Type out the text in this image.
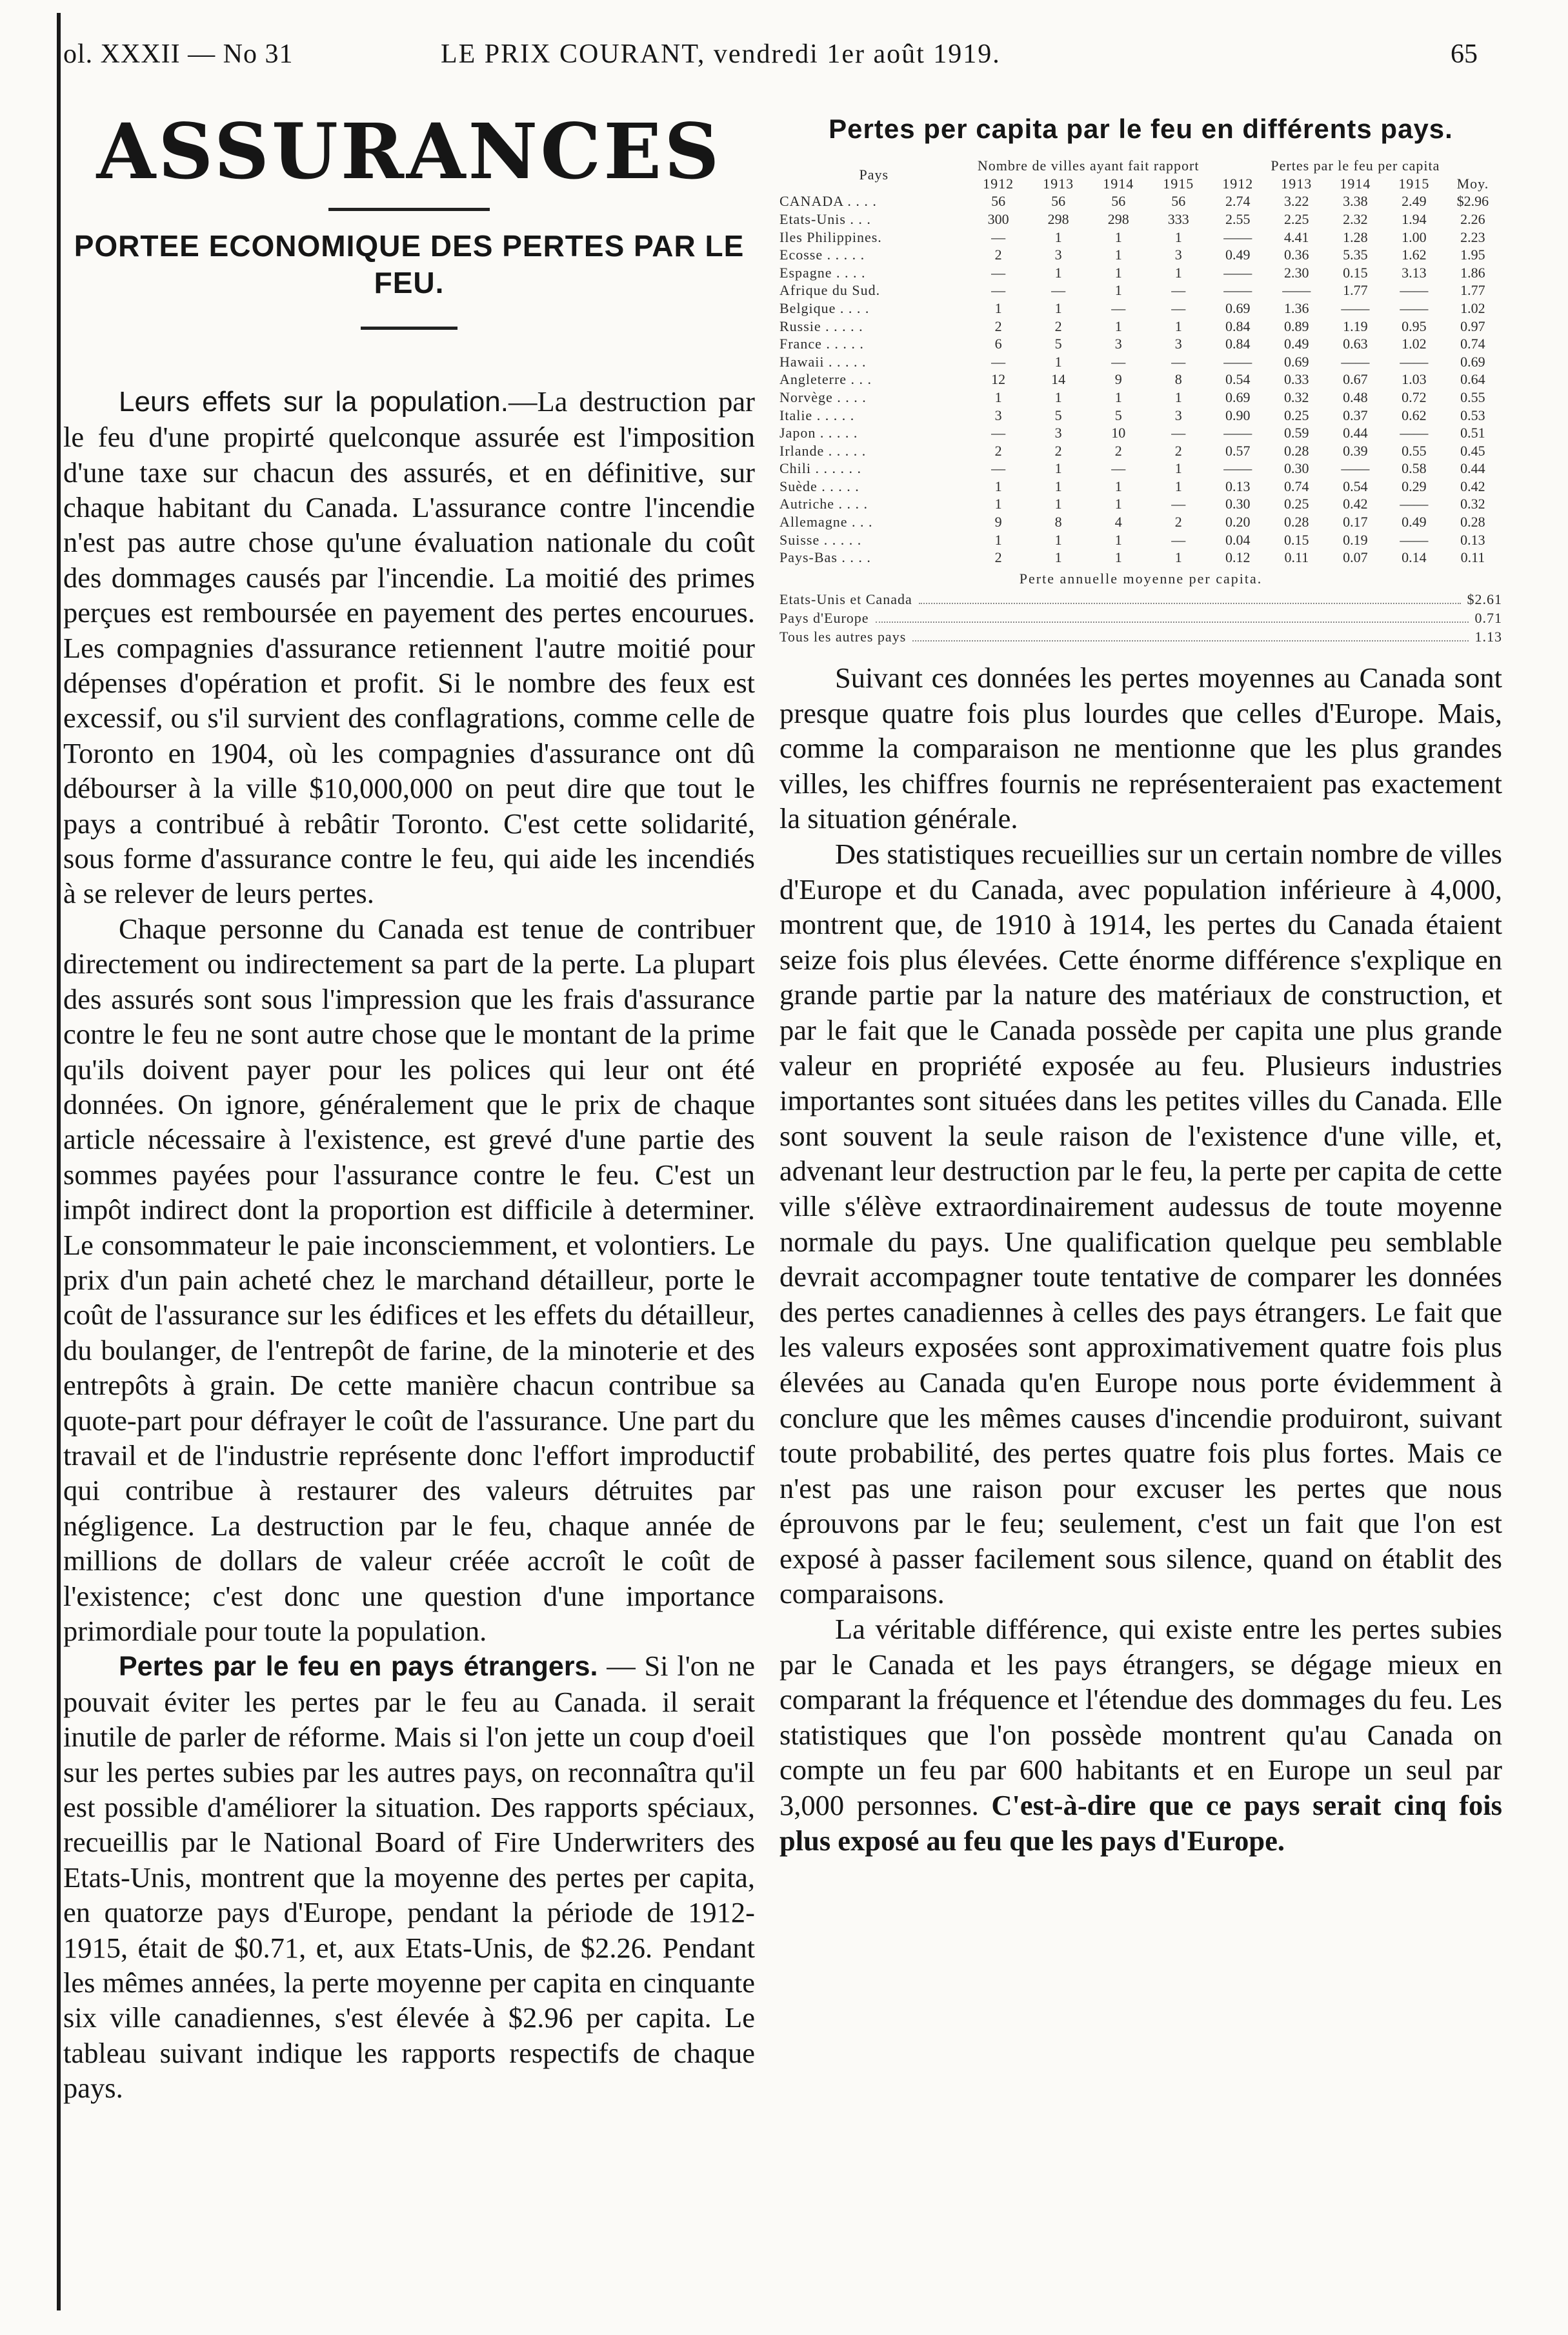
ol. XXXII — No 31	LE PRIX COURANT, vendredi 1er août 1919.	65
ASSURANCES
PORTEE ECONOMIQUE DES PERTES PAR LE FEU.

Leurs effets sur la population.—La destruction par le feu d'une propirté quelconque assurée est l'imposition d'une taxe sur chacun des assurés, et en définitive, sur chaque habitant du Canada. L'assurance contre l'incendie n'est pas autre chose qu'une évaluation nationale du coût des dommages causés par l'incendie. La moitié des primes perçues est remboursée en payement des pertes encourues. Les compagnies d'assurance retiennent l'autre moitié pour dépenses d'opération et profit. Si le nombre des feux est excessif, ou s'il survient des conflagrations, comme celle de Toronto en 1904, où les compagnies d'assurance ont dû débourser à la ville $10,000,000 on peut dire que tout le pays a contribué à rebâtir Toronto. C'est cette solidarité, sous forme d'assurance contre le feu, qui aide les incendiés à se relever de leurs pertes.

Chaque personne du Canada est tenue de contribuer directement ou indirectement sa part de la perte. La plupart des assurés sont sous l'impression que les frais d'assurance contre le feu ne sont autre chose que le montant de la prime qu'ils doivent payer pour les polices qui leur ont été données. On ignore, généralement que le prix de chaque article nécessaire à l'existence, est grevé d'une partie des sommes payées pour l'assurance contre le feu. C'est un impôt indirect dont la proportion est difficile à determiner. Le consommateur le paie inconsciemment, et volontiers. Le prix d'un pain acheté chez le marchand détailleur, porte le coût de l'assurance sur les édifices et les effets du détailleur, du boulanger, de l'entrepôt de farine, de la minoterie et des entrepôts à grain. De cette manière chacun contribue sa quote-part pour défrayer le coût de l'assurance. Une part du travail et de l'industrie représente donc l'effort improductif qui contribue à restaurer des valeurs détruites par négligence. La destruction par le feu, chaque année de millions de dollars de valeur créée accroît le coût de l'existence; c'est donc une question d'une importance primordiale pour toute la population.

Pertes par le feu en pays étrangers. — Si l'on ne pouvait éviter les pertes par le feu au Canada. il serait inutile de parler de réforme. Mais si l'on jette un coup d'oeil sur les pertes subies par les autres pays, on reconnaîtra qu'il est possible d'améliorer la situation. Des rapports spéciaux, recueillis par le National Board of Fire Underwriters des Etats-Unis, montrent que la moyenne des pertes per capita, en quatorze pays d'Europe, pendant la période de 1912-1915, était de $0.71, et, aux Etats-Unis, de $2.26. Pendant les mêmes années, la perte moyenne per capita en cinquante six ville canadiennes, s'est élevée à $2.96 per capita. Le tableau suivant indique les rapports respectifs de chaque pays.

Pertes per capita par le feu en différents pays.
Pays	Nombre de villes ayant fait rapport				Pertes par le feu per capita				
	1912	1913	1914	1915	1912	1913	1914	1915	Moy.
CANADA . . . .	56	56	56	56	2.74	3.22	3.38	2.49	$2.96
Etats-Unis . . .	300	298	298	333	2.55	2.25	2.32	1.94	2.26
Iles Philippines.	—	1	1	1	——	4.41	1.28	1.00	2.23
Ecosse . . . . .	2	3	1	3	0.49	0.36	5.35	1.62	1.95
Espagne . . . .	—	1	1	1	——	2.30	0.15	3.13	1.86
Afrique du Sud.	—	—	1	—	——	——	1.77	——	1.77
Belgique . . . .	1	1	—	—	0.69	1.36	——	——	1.02
Russie . . . . .	2	2	1	1	0.84	0.89	1.19	0.95	0.97
France . . . . .	6	5	3	3	0.84	0.49	0.63	1.02	0.74
Hawaii . . . . .	—	1	—	—	——	0.69	——	——	0.69
Angleterre . . .	12	14	9	8	0.54	0.33	0.67	1.03	0.64
Norvège . . . .	1	1	1	1	0.69	0.32	0.48	0.72	0.55
Italie . . . . .	3	5	5	3	0.90	0.25	0.37	0.62	0.53
Japon . . . . .	—	3	10	—	——	0.59	0.44	——	0.51
Irlande . . . . .	2	2	2	2	0.57	0.28	0.39	0.55	0.45
Chili . . . . . .	—	1	—	1	——	0.30	——	0.58	0.44
Suède . . . . .	1	1	1	1	0.13	0.74	0.54	0.29	0.42
Autriche . . . .	1	1	1	—	0.30	0.25	0.42	——	0.32
Allemagne . . .	9	8	4	2	0.20	0.28	0.17	0.49	0.28
Suisse . . . . .	1	1	1	—	0.04	0.15	0.19	——	0.13
Pays-Bas . . . .	2	1	1	1	0.12	0.11	0.07	0.14	0.11
Perte annuelle moyenne per capita.
Etats-Unis et Canada	$2.61
Pays d'Europe	0.71
Tous les autres pays	1.13

Suivant ces données les pertes moyennes au Canada sont presque quatre fois plus lourdes que celles d'Europe. Mais, comme la comparaison ne mentionne que les plus grandes villes, les chiffres fournis ne représenteraient pas exactement la situation générale.

Des statistiques recueillies sur un certain nombre de villes d'Europe et du Canada, avec population inférieure à 4,000, montrent que, de 1910 à 1914, les pertes du Canada étaient seize fois plus élevées. Cette énorme différence s'explique en grande partie par la nature des matériaux de construction, et par le fait que le Canada possède per capita une plus grande valeur en propriété exposée au feu. Plusieurs industries importantes sont situées dans les petites villes du Canada. Elle sont souvent la seule raison de l'existence d'une ville, et, advenant leur destruction par le feu, la perte per capita de cette ville s'élève extraordinairement audessus de toute moyenne normale du pays. Une qualification quelque peu semblable devrait accompagner toute tentative de comparer les données des pertes canadiennes à celles des pays étrangers. Le fait que les valeurs exposées sont approximativement quatre fois plus élevées au Canada qu'en Europe nous porte évidemment à conclure que les mêmes causes d'incendie produiront, suivant toute probabilité, des pertes quatre fois plus fortes. Mais ce n'est pas une raison pour excuser les pertes que nous éprouvons par le feu; seulement, c'est un fait que l'on est exposé à passer facilement sous silence, quand on établit des comparaisons.

La véritable différence, qui existe entre les pertes subies par le Canada et les pays étrangers, se dégage mieux en comparant la fréquence et l'étendue des dommages du feu. Les statistiques que l'on possède montrent qu'au Canada on compte un feu par 600 habitants et en Europe un seul par 3,000 personnes. C'est-à-dire que ce pays serait cinq fois plus exposé au feu que les pays d'Europe.
